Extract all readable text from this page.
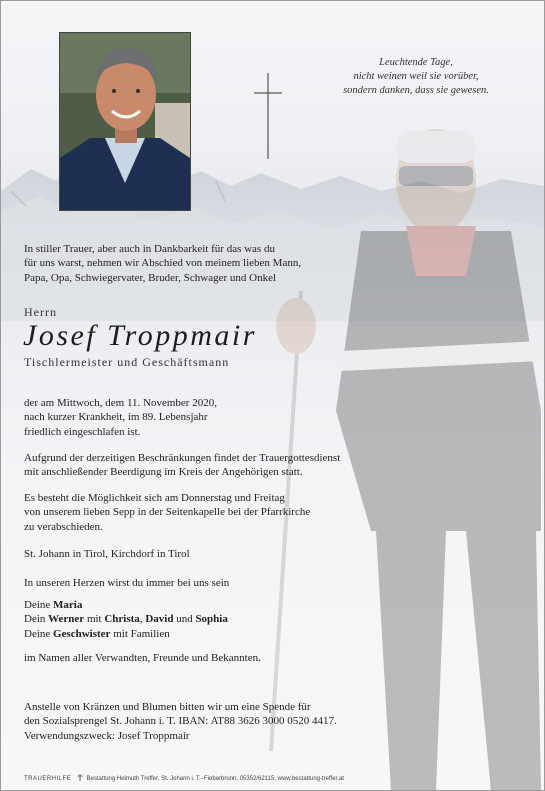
Leuchtende Tage,
nicht weinen weil sie vorüber,
sondern danken, dass sie gewesen.
In stiller Trauer, aber auch in Dankbarkeit für das was du
für uns warst, nehmen wir Abschied von meinem lieben Mann,
Papa, Opa, Schwiegervater, Bruder, Schwager und Onkel
Herrn
Josef Troppmair
Tischlermeister und Geschäftsmann
der am Mittwoch, dem 11. November 2020,
nach kurzer Krankheit, im 89. Lebensjahr
friedlich eingeschlafen ist.
Aufgrund der derzeitigen Beschränkungen findet der Trauergottesdienst
mit anschließender Beerdigung im Kreis der Angehörigen statt.
Es besteht die Möglichkeit sich am Donnerstag und Freitag
von unserem lieben Sepp in der Seitenkapelle bei der Pfarrkirche
zu verabschieden.
St. Johann in Tirol, Kirchdorf in Tirol
In unseren Herzen wirst du immer bei uns sein
Deine Maria
Dein Werner mit Christa, David und Sophia
Deine Geschwister mit Familien
im Namen aller Verwandten, Freunde und Bekannten.
Anstelle von Kränzen und Blumen bitten wir um eine Spende für
den Sozialsprengel St. Johann i. T. IBAN: AT88 3626 3000 0520 4417.
Verwendungszweck: Josef Troppmair
TRAUERHILFE	Bestattung Helmuth Treffer, St. Johann i. T.–Fieberbrunn, 05352/62115, www.bestattung-treffer.at
